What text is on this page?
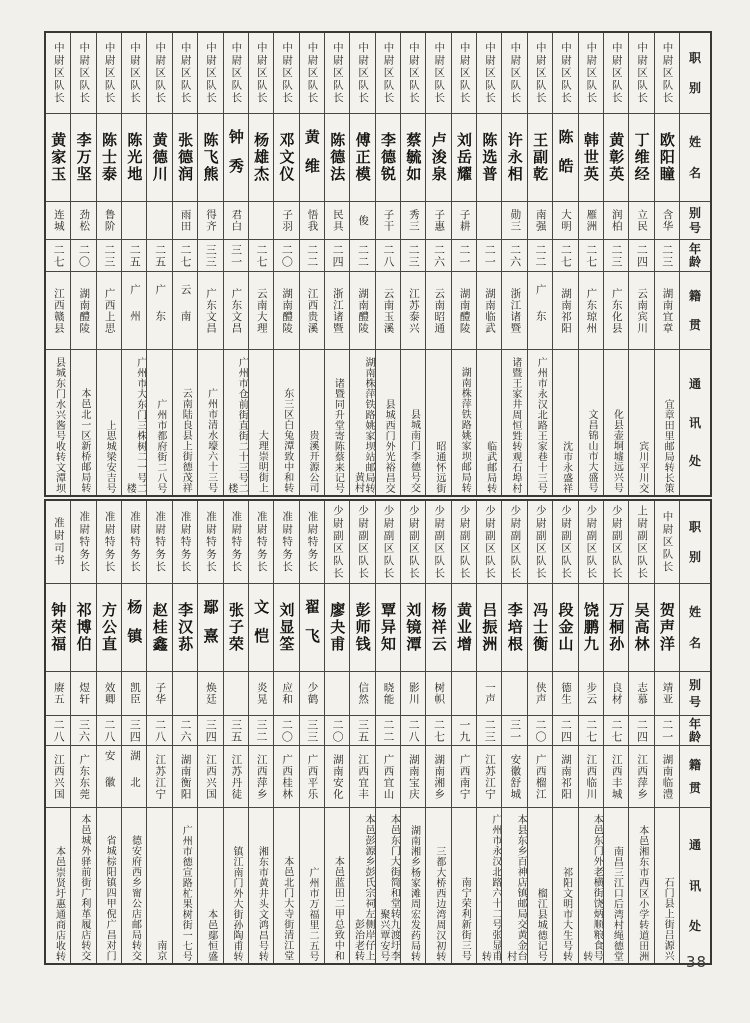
职
别
姓
名
别
号
年
龄
籍
贯
通
讯
处
中尉区队长
欧阳瞳
含华
二三
湖南宜章
宜章田里邮局转长策
中尉区队长
丁维经
立民
二四
云南宾川
宾川平川交
中尉区队长
黄彰英
润柏
二三
广东化县
化县壶垌墟远兴号
中尉区队长
韩世英
雁洲
二七
广东琼州
文昌锦山市大盛号
中尉区队长
陈皓
大明
二七
湖南祁阳
沈市永盛祥
中尉区队长
王副乾
南强
二二
广东
广州市永汉北路王家巷十三号
中尉区队长
许永相
勋三
二六
浙江诸暨
诸暨王家井周恒甡转观石埠村
中尉区队长
陈选普
二一
湖南临武
临武邮局转
中尉区队长
刘岳耀
子耕
二一
湖南醴陵
湖南株萍铁路姚家坝邮局转
中尉区队长
卢浚泉
子惠
二六
云南昭通
昭通怀远街
中尉区队长
蔡毓如
秀三
二三
江苏泰兴
县城南门李德号交
中尉区队长
李德锐
子干
二八
云南玉溪
县城西门外光裕昌交
中尉区队长
傅正模
俊
二二
湖南醴陵
湖南株萍铁路姚家坝站邮局转黄村
中尉区队长
陈德法
民具
二四
浙江诸暨
诸暨同升堂寄陈蔡来记号
中尉区队长
黄维
悟我
二二
江西贵溪
贵溪开源公司
中尉区队长
邓文仪
子羽
二〇
湖南醴陵
东三区白兔潭致中和转
中尉区队长
杨雄杰
二七
云南大理
大理崇明街上
中尉区队长
钟秀
君白
三一
广东文昌
广州市仓前街直街二十三号二楼
中尉区队长
陈飞熊
得齐
三三
广东文昌
广州市清水壕六十三号
中尉区队长
张德润
雨田
二七
云南
云南陆良县上街德茂祥
中尉区队长
黄德川
二五
广东
广州市都府街二八号
中尉区队长
陈光地
二五
广州
广州市大东门三株树二一号二楼
中尉区队长
陈士泰
鲁阶
二三
广西上思
上思城梁安吉号
中尉区队长
李万坚
劲松
二〇
湖南醴陵
本邑北一区新桥邮局转
中尉区队长
黄家玉
连城
二七
江西赣县
县城东门水兴酱号收转文潭坝
职
别
姓
名
别
号
年
龄
籍
贯
通
讯
处
中尉区队长
贺声洋
靖亚
二一
湖南临澧
石门县上街吕源兴
上尉副区队长
吴高林
志慕
二四
江西萍乡
本邑湘东市西区小学转道田洲
少尉副区队长
万桐孙
良材
二七
江西丰城
南昌三江口后湾村绳德堂
少尉副区队长
饶鹏九
步云
二七
江西临川
本邑东门外老横街饶炳顺粮食号转
少尉副区队长
段金山
德生
二四
湖南祁阳
祁阳文明市大生号转
少尉副区队长
冯士衡
侠声
二〇
广西榴江
榴江县城德记号
少尉副区队长
李培根
三一
安徽舒城
本县东乡百神店镇邮局交黄金台村
少尉副区队长
吕振洲
一声
二三
江苏江宁
广州市永汉北路六十二号张显甫转
少尉副区队长
黄业增
一九
广西南宁
南宁荣利新街三号
少尉副区队长
杨祥云
树帜
二七
湖南湘乡
三都大桥西边湾周汉初转
少尉副区队长
刘镜潭
影川
二八
湖南宝庆
湖南湘乡杨家滩周宏发药局转
少尉副区队长
覃异知
晓能
二二
广西宜山
本邑东门大街简和堂转九渡圩李聚兴覃安号
少尉副区队长
彭师钱
信然
三五
江西宜丰
本邑彭源乡彭氏宗祠左侧岸仔上彭治老转
少尉副区队长
廖夬甫
二〇
湖南安化
本邑蓝田二甲总致中和
准尉特务长
翟飞
少鹤
三三
广西平乐
广州市万福里二五号
准尉特务长
刘显筌
应和
二〇
广西桂林
本邑北门大寺街清江堂
准尉特务长
文恺
炎晃
三二
江西萍乡
湘东市黄井头文鸿昌号转
准尉特务长
张子荣
三五
江苏丹徒
镇江南门外大街孙陶甫转
准尉特务长
鄢熹
焕廷
三四
江西兴国
本邑鄢恒盛
准尉特务长
李汉荪
二六
湖南衡阳
广州市德宣路杧果树街一七号
准尉特务长
赵桂鑫
子华
二八
江苏江宁
南京
准尉特务长
杨镇
凯臣
三四
湖北
德安府西乡甯公店邮局转交
准尉特务长
方公直
效卿
二八
安徽
省城棕阳镇四甲倪广昌对门
准尉特务长
祁博伯
煜轩
三六
广东东莞
本邑城外驿前街广利革履店转交
准尉司书
钟荣福
赓五
二八
江西兴国
本邑崇贤圩惠通商店收转
38
